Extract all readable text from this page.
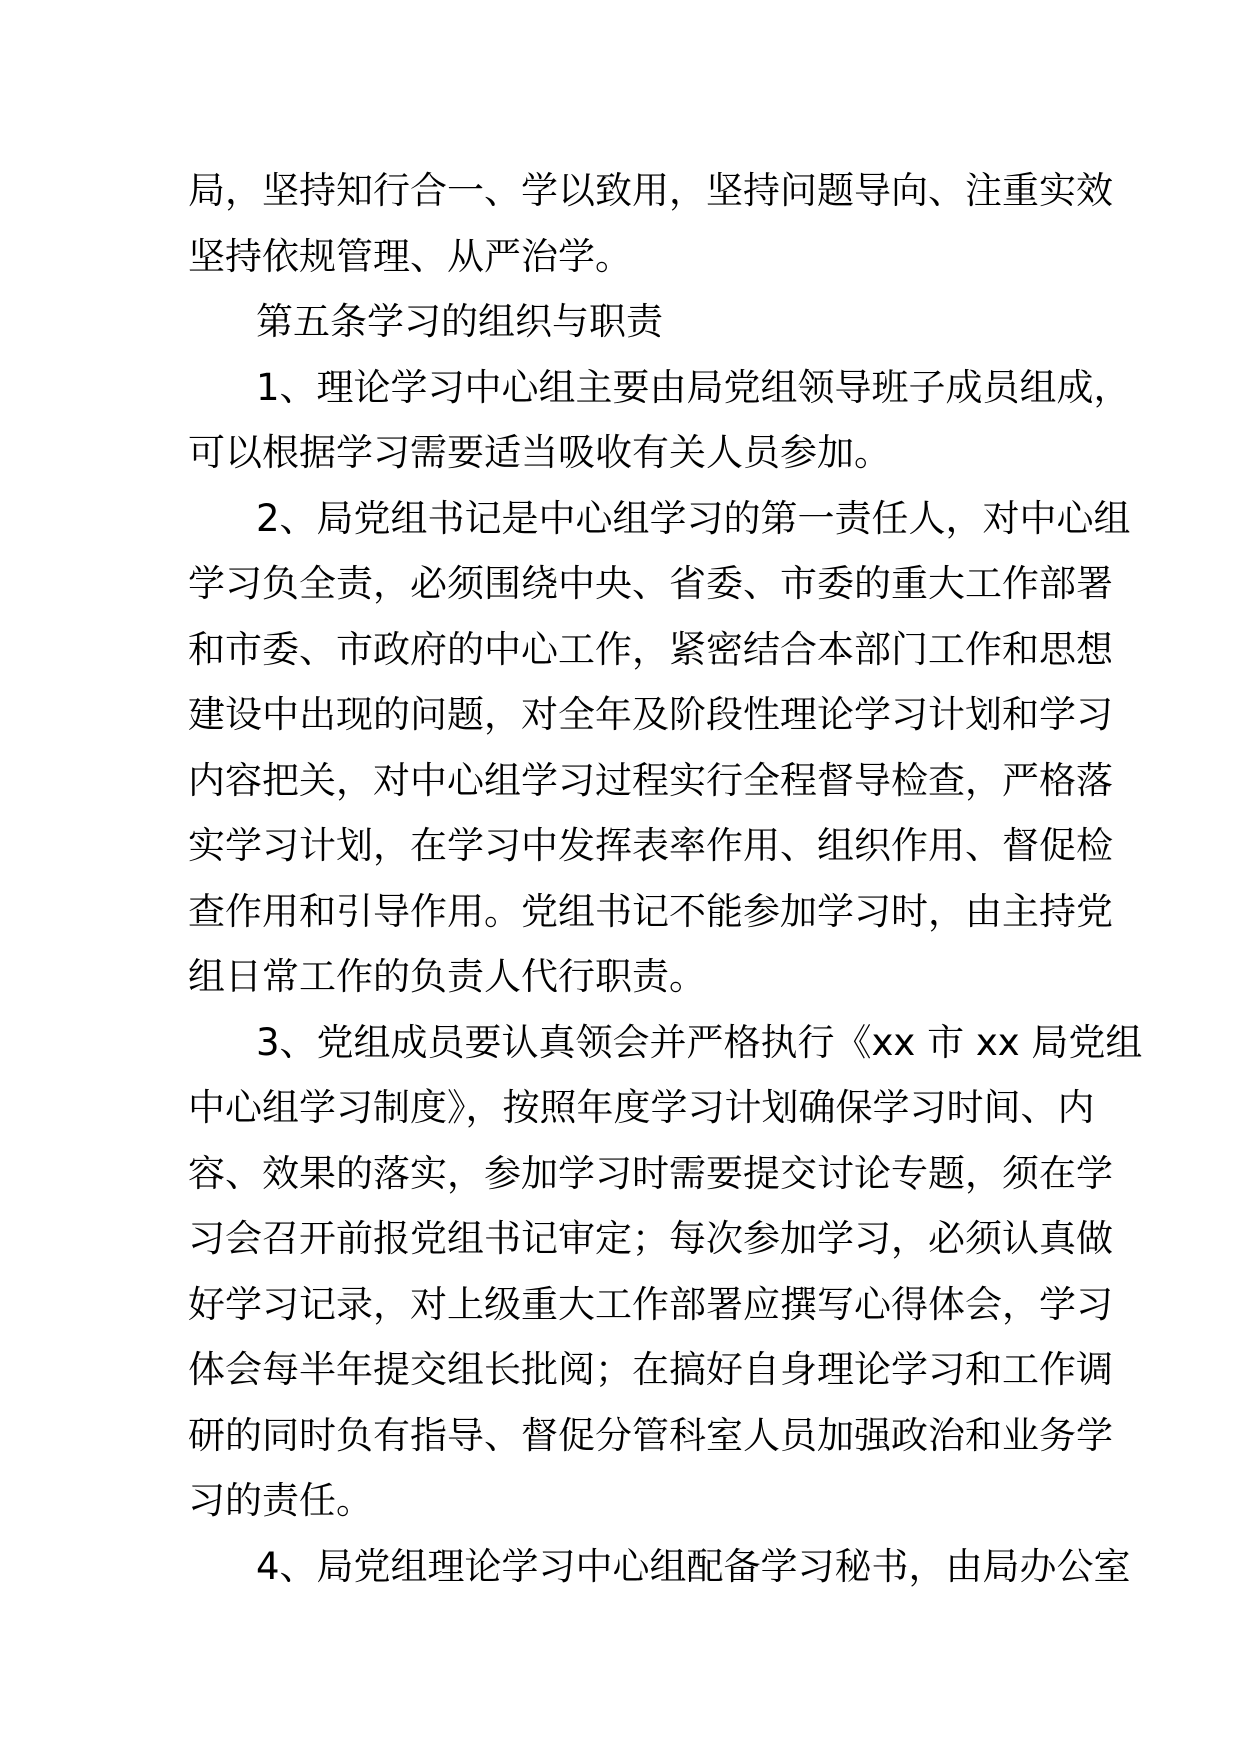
局，坚持知行合一、学以致用，坚持问题导向、注重实效
坚持依规管理、从严治学。
第五条学习的组织与职责
1、理论学习中心组主要由局党组领导班子成员组成，
可以根据学习需要适当吸收有关人员参加。
2、局党组书记是中心组学习的第一责任人，对中心组
学习负全责，必须围绕中央、省委、市委的重大工作部署
和市委、市政府的中心工作，紧密结合本部门工作和思想
建设中出现的问题，对全年及阶段性理论学习计划和学习
内容把关，对中心组学习过程实行全程督导检查，严格落
实学习计划，在学习中发挥表率作用、组织作用、督促检
查作用和引导作用。党组书记不能参加学习时，由主持党
组日常工作的负责人代行职责。
3、党组成员要认真领会并严格执行《xx 市 xx 局党组
中心组学习制度》，按照年度学习计划确保学习时间、内
容、效果的落实，参加学习时需要提交讨论专题，须在学
习会召开前报党组书记审定；每次参加学习，必须认真做
好学习记录，对上级重大工作部署应撰写心得体会，学习
体会每半年提交组长批阅；在搞好自身理论学习和工作调
研的同时负有指导、督促分管科室人员加强政治和业务学
习的责任。
4、局党组理论学习中心组配备学习秘书，由局办公室
